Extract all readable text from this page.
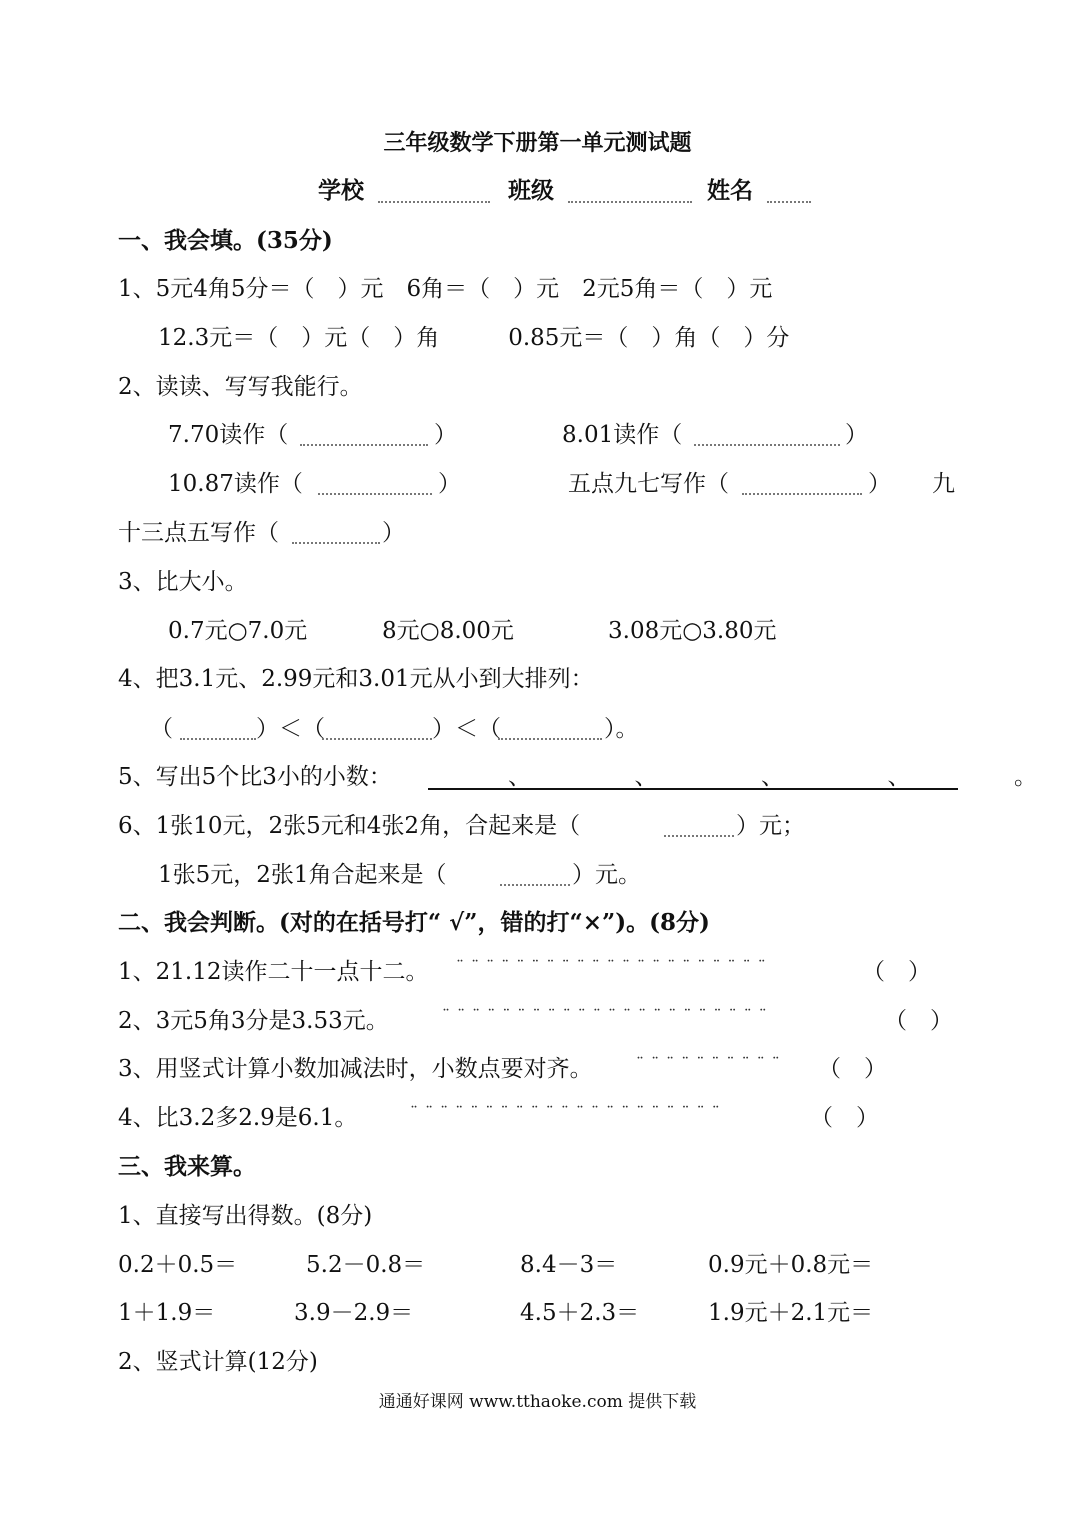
三年级数学下册第一单元测试题
学校	班级	姓名
一、我会填。(35分)
1、5元4角5分＝（　）元　6角＝（　）元　2元5角＝（　）元
12.3元＝（　）元（　）角　　　0.85元＝（　）角（　）分
2、读读、写写我能行。
7.70读作（	）	8.01读作（	）
10.87读作（	）	五点九七写作（	） 九
十三点五写作（	）
3、比大小。
0.7元○7.0元	8元○8.00元	3.08元○3.80元
4、把3.1元、2.99元和3.01元从小到大排列：
（	）＜（	）＜（	）。
5、写出5个比3小的小数：	、　　　　　、　　　　　、　　　　　、　　　　　。
6、1张10元，2张5元和4张2角，合起来是（	）元；
1张5元，2张1角合起来是（	）元。
二、我会判断。(对的在括号打“ √”，错的打“×”)。(8分)
1、21.12读作二十一点十二。 ¨ ¨ ¨ ¨ ¨ ¨ ¨ ¨ ¨ ¨ ¨ ¨ ¨ ¨ ¨ ¨ ¨ ¨ ¨ ¨ ¨	（　）
2、3元5角3分是3.53元。	¨ ¨ ¨ ¨ ¨ ¨ ¨ ¨ ¨ ¨ ¨ ¨ ¨ ¨ ¨ ¨ ¨ ¨ ¨ ¨ ¨ ¨	（　）
3、用竖式计算小数加减法时，小数点要对齐。	¨ ¨ ¨ ¨ ¨ ¨ ¨ ¨ ¨ ¨ （　）
4、比3.2多2.9是6.1。	¨ ¨ ¨ ¨ ¨ ¨ ¨ ¨ ¨ ¨ ¨ ¨ ¨ ¨ ¨ ¨ ¨ ¨ ¨ ¨ ¨	（　）
三、我来算。
1、直接写出得数。(8分)
0.2＋0.5＝	5.2－0.8＝	8.4－3＝	0.9元＋0.8元＝
1＋1.9＝	3.9－2.9＝	4.5＋2.3＝	1.9元＋2.1元＝
2、竖式计算(12分)
通通好课网 www.tthaoke.com 提供下载
